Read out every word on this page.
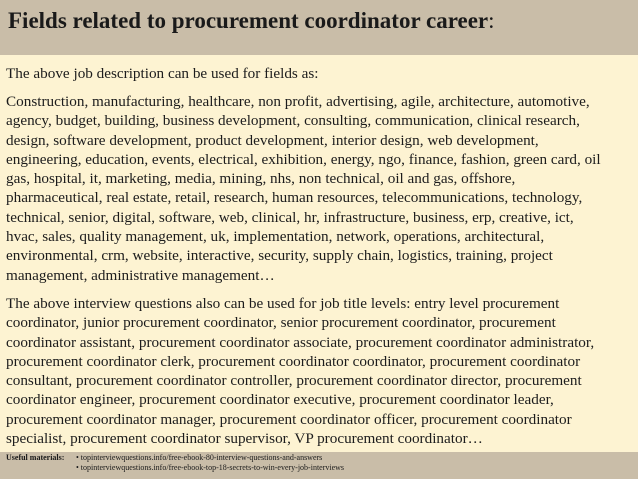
Fields related to procurement coordinator career:
The above job description can be used for fields as:
Construction, manufacturing, healthcare, non profit, advertising, agile, architecture, automotive,
agency, budget, building, business development, consulting, communication, clinical research,
design, software development, product development, interior design, web development,
engineering, education, events, electrical, exhibition, energy, ngo, finance, fashion, green card, oil
gas, hospital, it, marketing, media, mining, nhs, non technical, oil and gas, offshore,
pharmaceutical, real estate, retail, research, human resources, telecommunications, technology,
technical, senior, digital, software, web, clinical, hr, infrastructure, business, erp, creative, ict,
hvac, sales, quality management, uk, implementation, network, operations, architectural,
environmental, crm, website, interactive, security, supply chain, logistics, training, project
management, administrative management…
The above interview questions also can be used for job title levels: entry level procurement
coordinator, junior procurement coordinator, senior procurement coordinator, procurement
coordinator assistant, procurement coordinator associate, procurement coordinator administrator,
procurement coordinator clerk, procurement coordinator coordinator, procurement coordinator
consultant, procurement coordinator controller, procurement coordinator director, procurement
coordinator engineer, procurement coordinator executive, procurement coordinator leader,
procurement coordinator manager, procurement coordinator officer, procurement coordinator
specialist, procurement coordinator supervisor, VP procurement coordinator…
Useful materials:	• topinterviewquestions.info/free-ebook-80-interview-questions-and-answers
• topinterviewquestions.info/free-ebook-top-18-secrets-to-win-every-job-interviews
